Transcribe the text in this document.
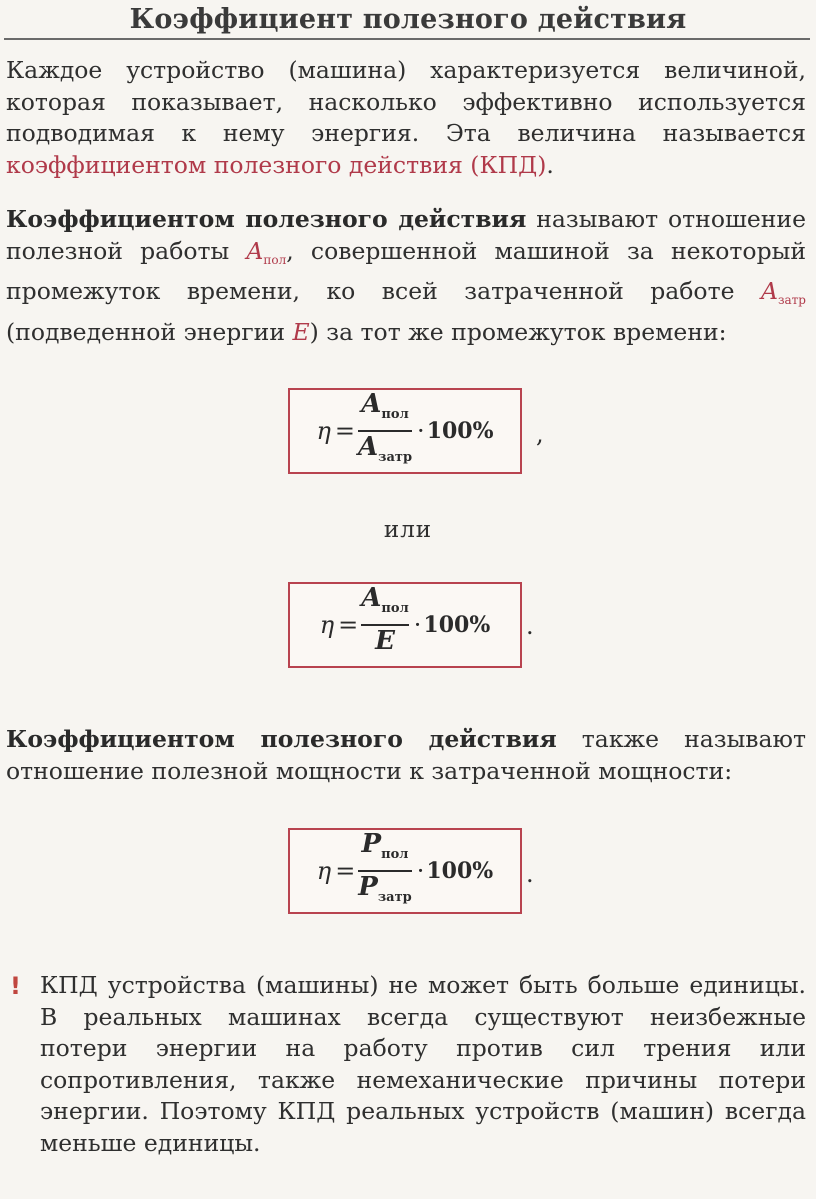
Коэффициент полезного действия
Каждое устройство (машина) характеризуется величиной, которая показывает, насколько эффективно используется подводимая к нему энергия. Эта величина называется коэффициентом полезного действия (КПД).
Коэффициентом полезного действия называют отношение полезной работы $A_{пол}$, совершенной машиной за некоторый промежуток времени, ко всей затраченной работе $A_{затр}$ (подведенной энергии E) за тот же промежуток времени:
$\eta = \frac{A_{пол}}{A_{затр}} \cdot 100\%$ ,
или
$\eta = \frac{A_{пол}}{E} \cdot 100\%$ .
Коэффициентом полезного действия также называют отношение полезной мощности к затраченной мощности:
$\eta = \frac{P_{пол}}{P_{затр}} \cdot 100\%$ .
! КПД устройства (машины) не может быть больше единицы. В реальных машинах всегда существуют неизбежные потери энергии на работу против сил трения или сопротивления, также немеханические причины потери энергии. Поэтому КПД реальных устройств (машин) всегда меньше единицы.
